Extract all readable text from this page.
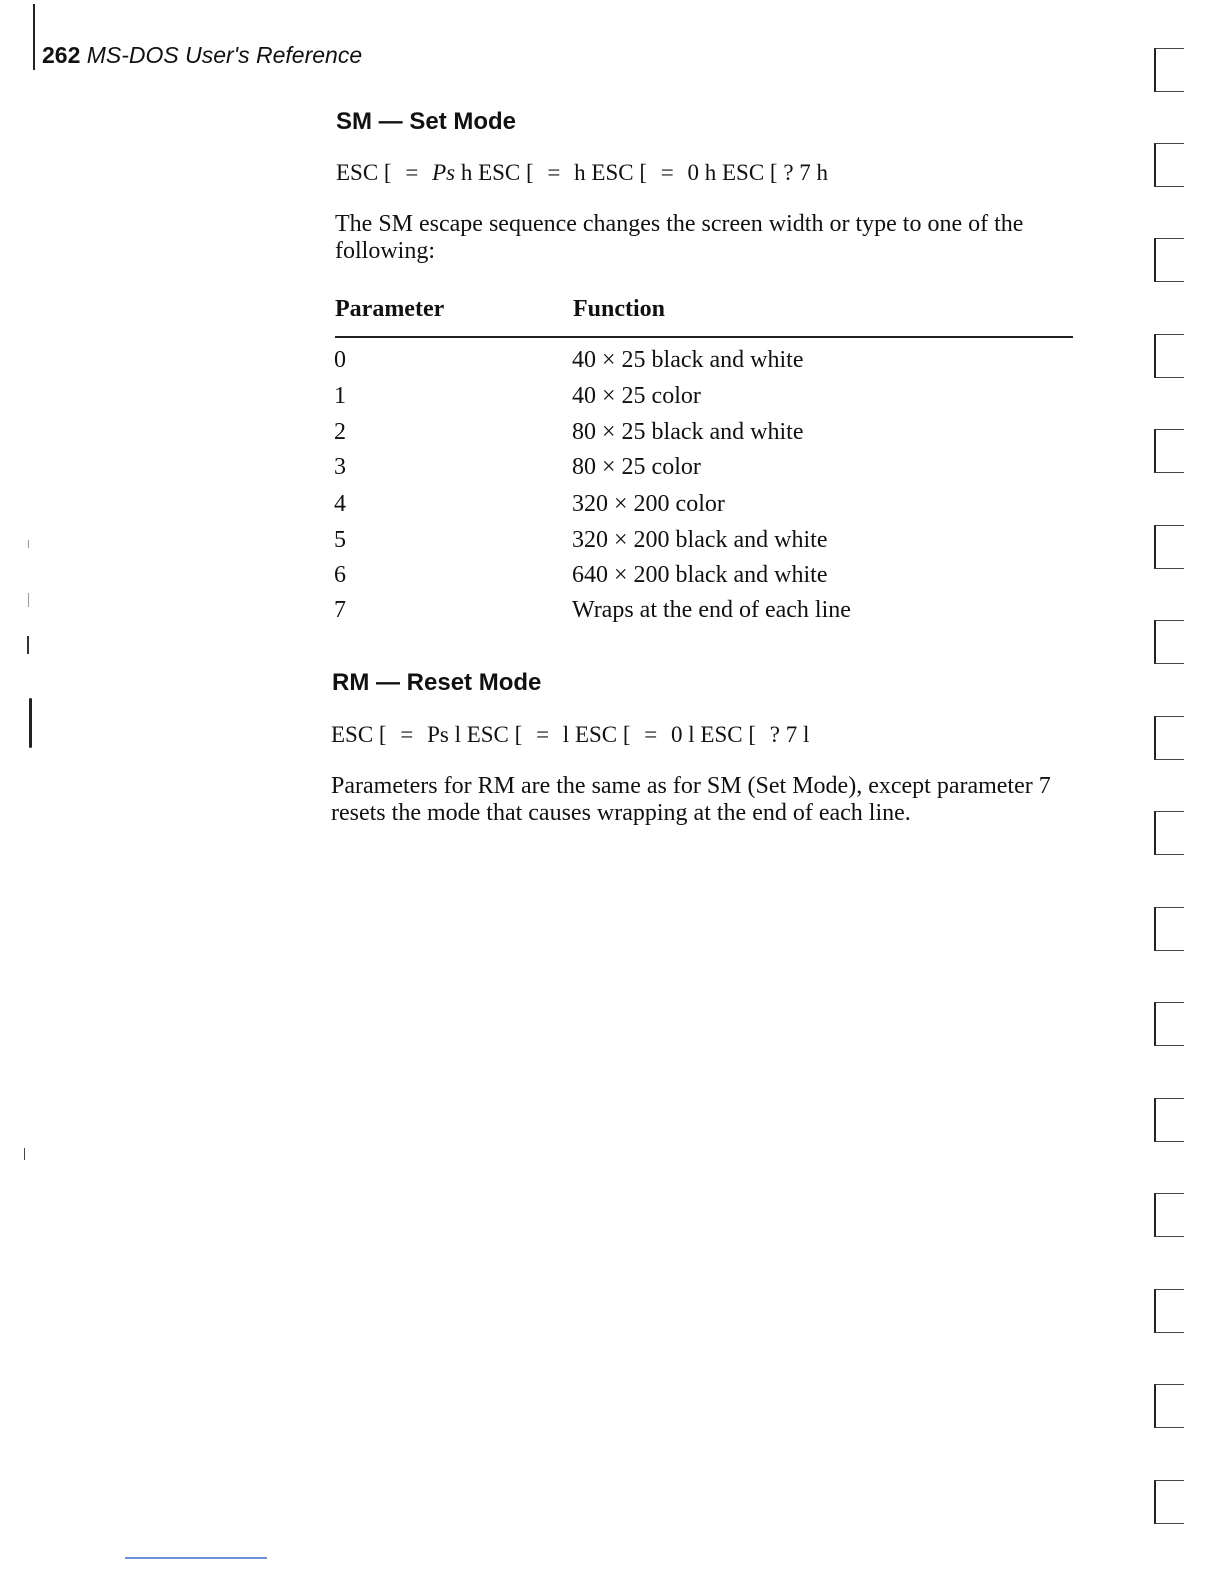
262 MS-DOS User's Reference
SM — Set Mode
ESC [ = Ps h ESC [ = h ESC [ = 0 h ESC [ ? 7 h
The SM escape sequence changes the screen width or type to one of the following:
Parameter	Function
0	40 × 25 black and white
1	40 × 25 color
2	80 × 25 black and white
3	80 × 25 color
4	320 × 200 color
5	320 × 200 black and white
6	640 × 200 black and white
7	Wraps at the end of each line
RM — Reset Mode
ESC [ = Ps l ESC [ = l ESC [ = 0 l ESC [ ? 7 l
Parameters for RM are the same as for SM (Set Mode), except parameter 7 resets the mode that causes wrapping at the end of each line.
